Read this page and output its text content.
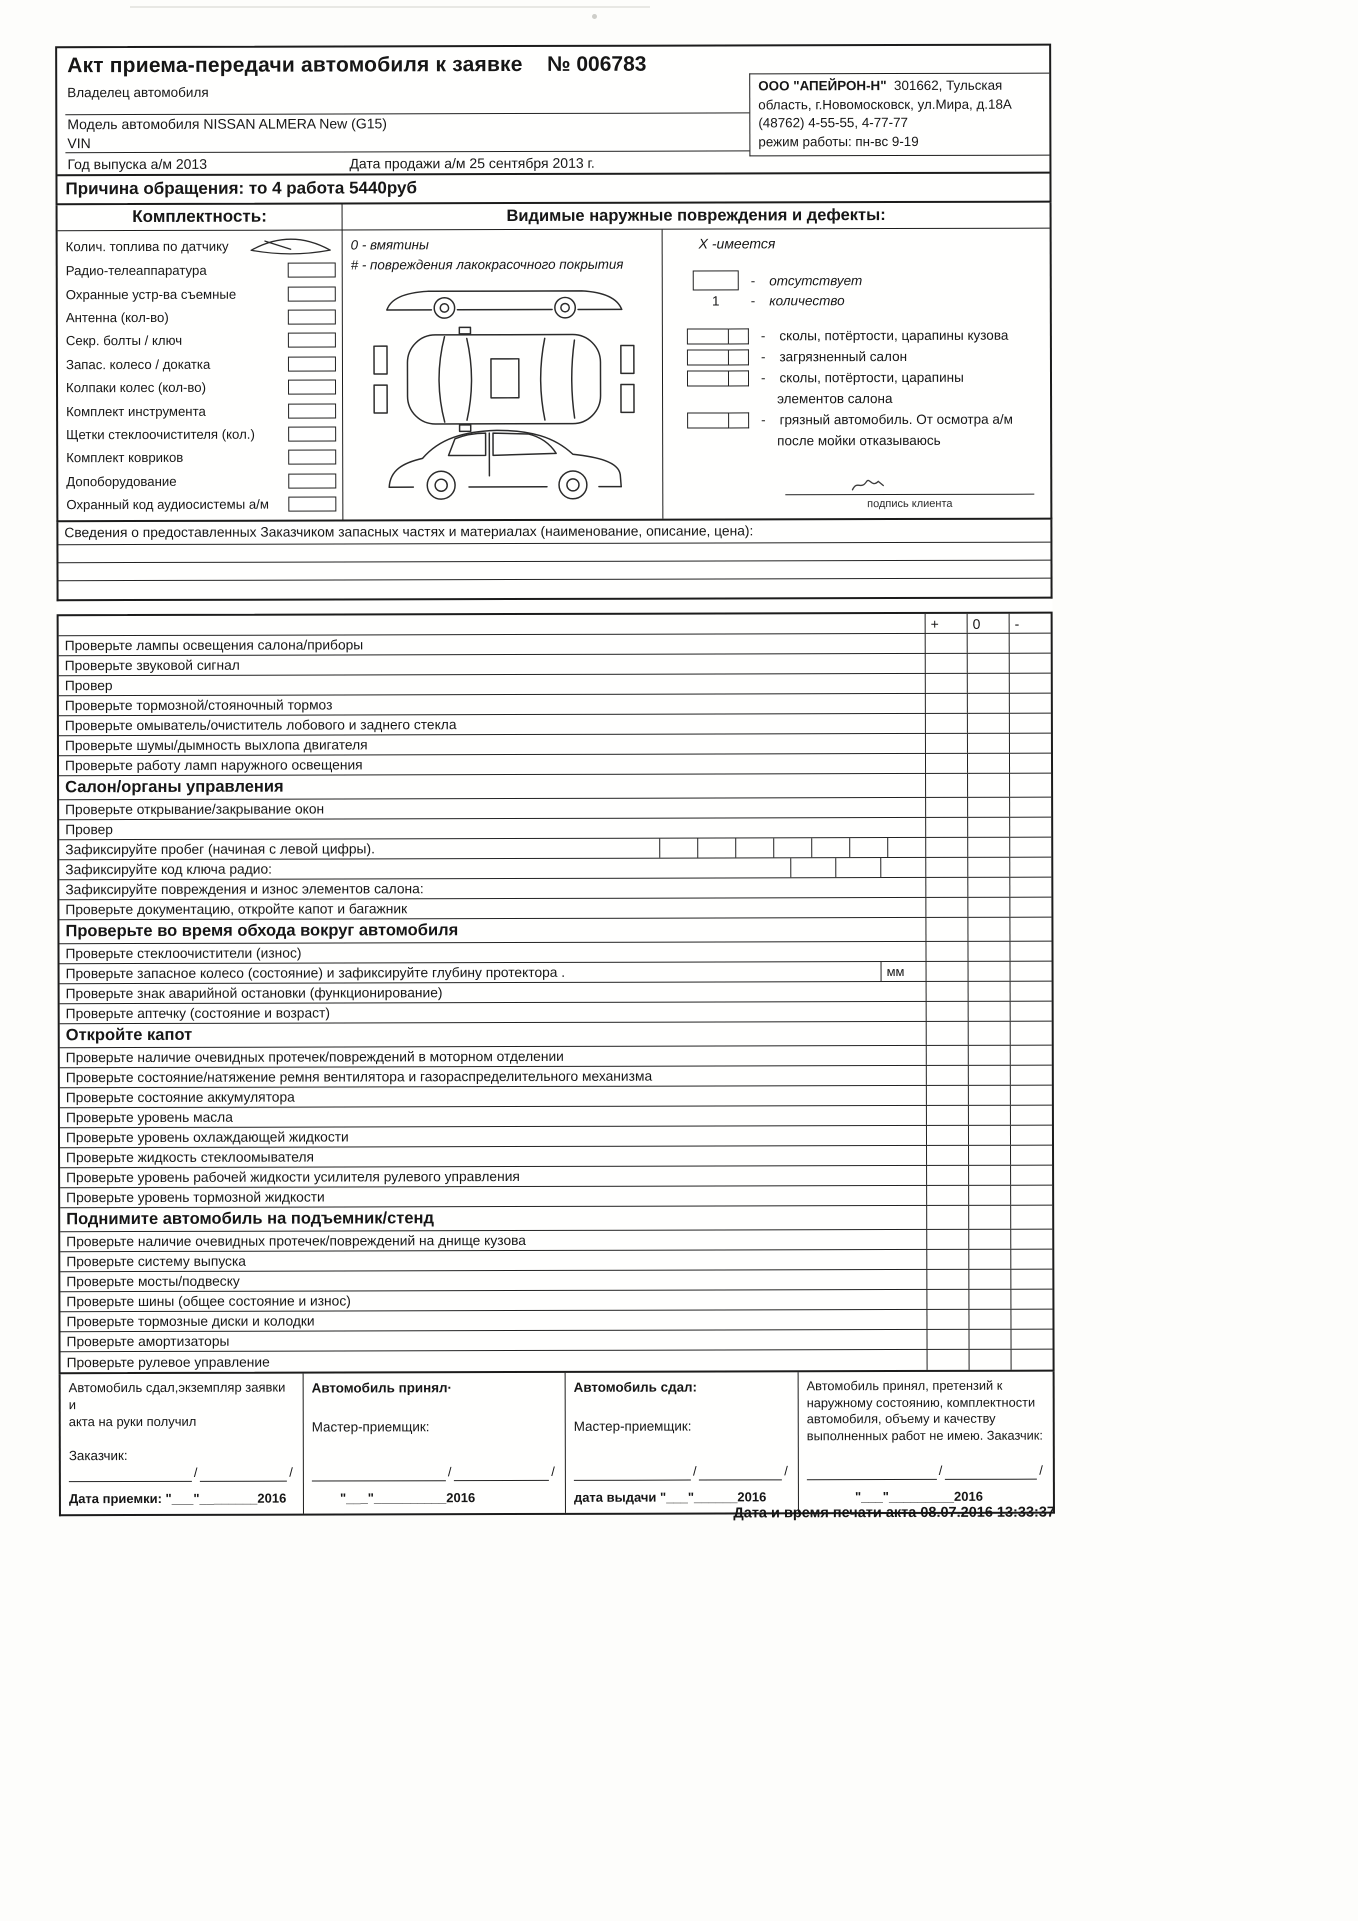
Акт приема-передачи автомобиля к заявке № 006783
Владелец автомобиля
Модель автомобиля NISSAN ALMERA New (G15)
VIN
Год выпуска а/м 2013	Дата продажи а/м 25 сентября 2013 г.
ООО "АПЕЙРОН-Н"  301662, Тульская
область, г.Новомосковск, ул.Мира, д.18А
(48762) 4-55-55, 4-77-77
режим работы: пн-вс 9-19
Причина обращения: то 4 работа 5440руб
Комплектность:	Видимые наружные повреждения и дефекты:
Колич. топлива по датчику
Радио-телеаппаратура
Охранные устр-ва съемные
Антенна (кол-во)
Секр. болты / ключ
Запас. колесо / докатка
Колпаки колес (кол-во)
Комплект инструмента
Щетки стеклоочистителя (кол.)
Комплект ковриков
Допоборудование
Охранный код аудиосистемы а/м
0 - вмятины
# - повреждения лакокрасочного покрытия
X -имеется
- отсутствует
1	- количество
- сколы, потёртости, царапины кузова
- загрязненный салон
- сколы, потёртости, царапины
элементов салона
- грязный автомобиль. От осмотра а/м
после мойки отказываюсь
подпись клиента
Сведения о предоставленных Заказчиком запасных частях и материалах (наименование, описание, цена):
+	0	-
Проверьте лампы освещения салона/приборы
Проверьте звуковой сигнал
Провер
Проверьте тормозной/стояночный тормоз
Проверьте омыватель/очиститель лобового и заднего стекла
Проверьте шумы/дымность выхлопа двигателя
Проверьте работу ламп наружного освещения
Салон/органы управления
Проверьте открывание/закрывание окон
Провер
Зафиксируйте пробег (начиная с левой цифры).
Зафиксируйте код ключа радио:
Зафиксируйте повреждения и износ элементов салона:
Проверьте документацию, откройте капот и багажник
Проверьте во время обхода вокруг автомобиля
Проверьте стеклоочистители (износ)
Проверьте запасное колесо (состояние) и зафиксируйте глубину протектора .	мм
Проверьте знак аварийной остановки (функционирование)
Проверьте аптечку (состояние и возраст)
Откройте капот
Проверьте наличие очевидных протечек/повреждений в моторном отделении
Проверьте состояние/натяжение ремня вентилятора и газораспределительного механизма
Проверьте состояние аккумулятора
Проверьте уровень масла
Проверьте уровень охлаждающей жидкости
Проверьте жидкость стеклоомывателя
Проверьте уровень рабочей жидкости усилителя рулевого управления
Проверьте уровень тормозной жидкости
Поднимите автомобиль на подъемник/стенд
Проверьте наличие очевидных протечек/повреждений на днище кузова
Проверьте систему выпуска
Проверьте мосты/подвеску
Проверьте шины (общее состояние и износ)
Проверьте тормозные диски и колодки
Проверьте амортизаторы
Проверьте рулевое управление
Автомобиль сдал,экземпляр заявки и
акта на руки получил
Заказчик:
/	/
Дата приемки: "___"________2016
Автомобиль принял·
Мастер-приемщик:
/	/
"___"__________2016
Автомобиль сдал:
Мастер-приемщик:
/	/
дата выдачи "___"______2016
Автомобиль принял, претензий к наружному состоянию, комплектности автомобиля, объему и качеству выполненных работ не имею. Заказчик:
/	/
"___"_________2016
Дата и время печати акта 08.07.2016 13:33:37
